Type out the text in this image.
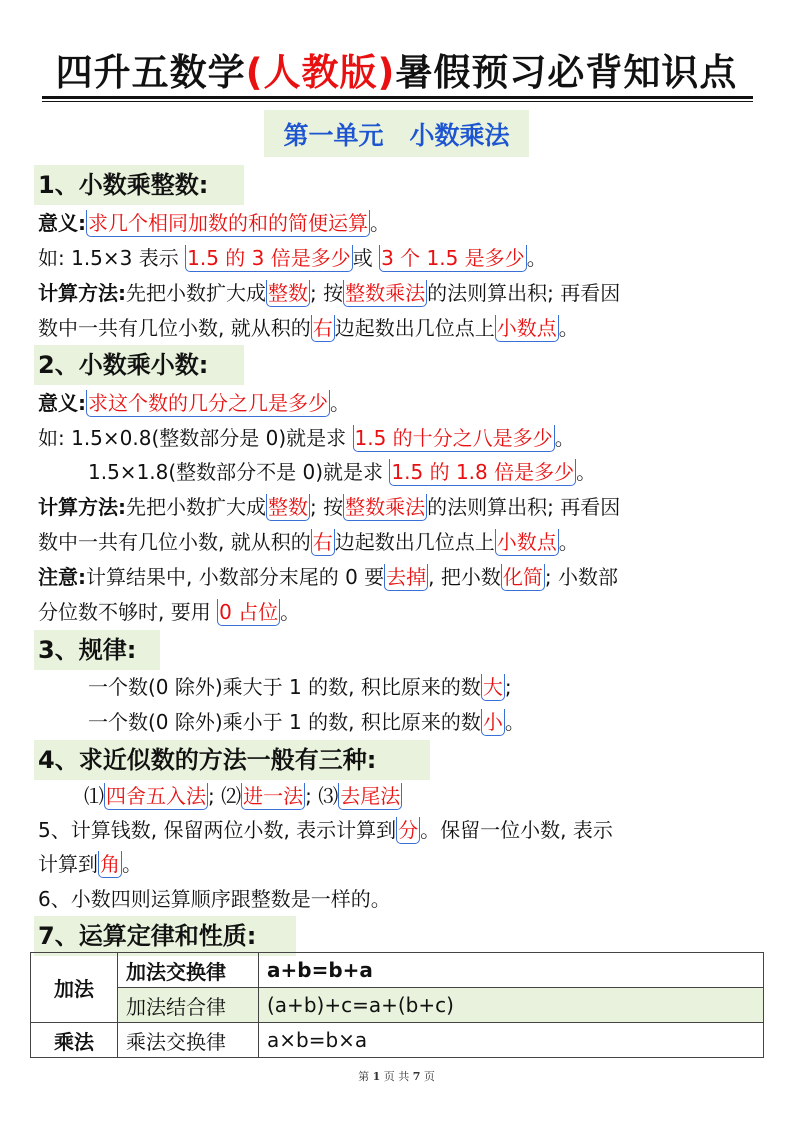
四升五数学(人教版)暑假预习必背知识点
第一单元   小数乘法
1、小数乘整数:
意义: 求几个相同加数的和的简便运算 。
如: 1.5×3 表示 1.5 的 3 倍是多少 或 3 个 1.5 是多少 。
计算方法:先把小数扩大成 整数 ; 按 整数乘法 的法则算出积; 再看因
数中一共有几位小数, 就从积的 右 边起数出几位点上 小数点 。
2、小数乘小数:
意义: 求这个数的几分之几是多少 。
如: 1.5×0.8(整数部分是 0)就是求 1.5 的十分之八是多少 。
1.5×1.8(整数部分不是 0)就是求 1.5 的 1.8 倍是多少 。
计算方法:先把小数扩大成 整数 ; 按 整数乘法 的法则算出积; 再看因
数中一共有几位小数, 就从积的 右 边起数出几位点上 小数点 。
注意:计算结果中, 小数部分末尾的 0 要 去掉 , 把小数 化简 ; 小数部
分位数不够时, 要用 0 占位 。
3、规律:
一个数(0 除外)乘大于 1 的数, 积比原来的数 大 ;
一个数(0 除外)乘小于 1 的数, 积比原来的数 小 。
4、求近似数的方法一般有三种:
⑴ 四舍五入法 ; ⑵ 进一法 ; ⑶ 去尾法
5、计算钱数, 保留两位小数, 表示计算到 分 。保留一位小数, 表示
计算到 角 。
6、小数四则运算顺序跟整数是一样的。
7、运算定律和性质:
加法	加法交换律	a+b=b+a
	加法结合律	(a+b)+c=a+(b+c)
乘法	乘法交换律	a×b=b×a
第 1 页 共 7 页
